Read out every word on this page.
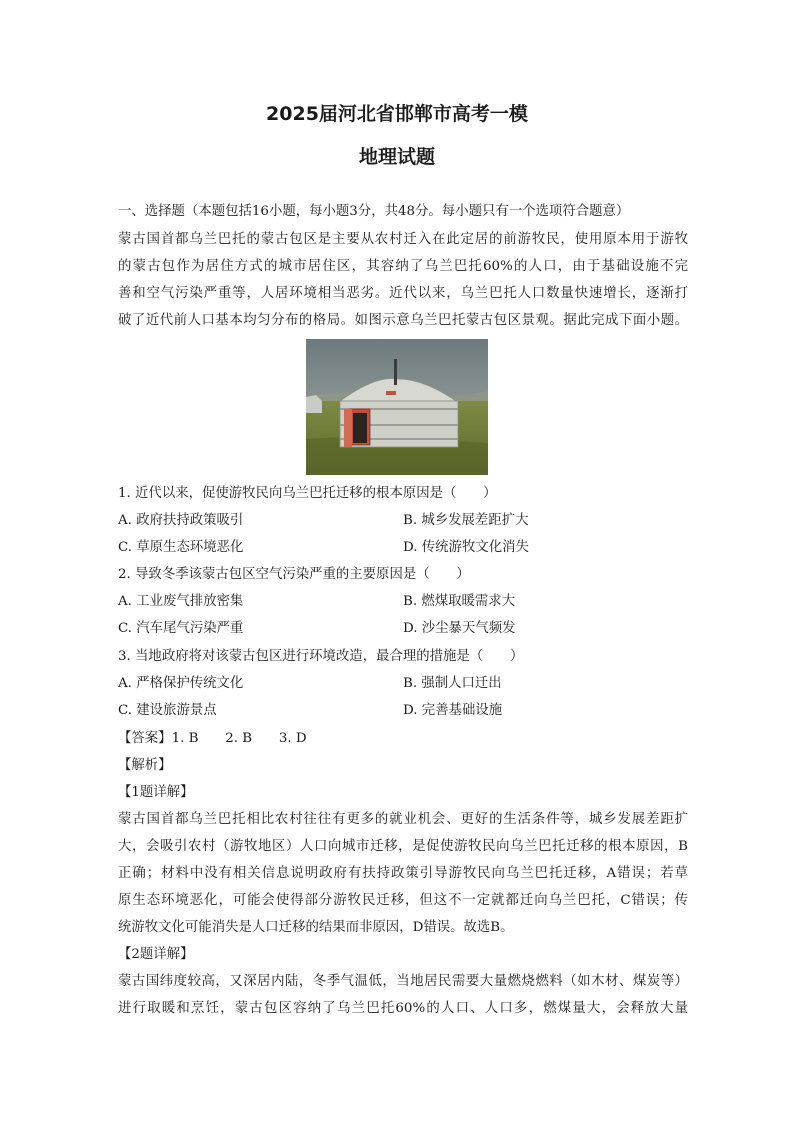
2025届河北省邯郸市高考一模
地理试题
一、选择题（本题包括16小题，每小题3分，共48分。每小题只有一个选项符合题意）
蒙古国首都乌兰巴托的蒙古包区是主要从农村迁入在此定居的前游牧民，使用原本用于游牧
的蒙古包作为居住方式的城市居住区，其容纳了乌兰巴托60%的人口，由于基础设施不完
善和空气污染严重等，人居环境相当恶劣。近代以来，乌兰巴托人口数量快速增长，逐渐打
破了近代前人口基本均匀分布的格局。如图示意乌兰巴托蒙古包区景观。据此完成下面小题。
1. 近代以来，促使游牧民向乌兰巴托迁移的根本原因是（　　）
A. 政府扶持政策吸引	B. 城乡发展差距扩大
C. 草原生态环境恶化	D. 传统游牧文化消失
2. 导致冬季该蒙古包区空气污染严重的主要原因是（　　）
A. 工业废气排放密集	B. 燃煤取暖需求大
C. 汽车尾气污染严重	D. 沙尘暴天气频发
3. 当地政府将对该蒙古包区进行环境改造，最合理的措施是（　　）
A. 严格保护传统文化	B. 强制人口迁出
C. 建设旅游景点	D. 完善基础设施
【答案】1. B　　2. B　　3. D
【解析】
【1题详解】
蒙古国首都乌兰巴托相比农村往往有更多的就业机会、更好的生活条件等，城乡发展差距扩
大，会吸引农村（游牧地区）人口向城市迁移，是促使游牧民向乌兰巴托迁移的根本原因，B
正确；材料中没有相关信息说明政府有扶持政策引导游牧民向乌兰巴托迁移，A错误；若草
原生态环境恶化，可能会使得部分游牧民迁移，但这不一定就都迁向乌兰巴托，C错误；传
统游牧文化可能消失是人口迁移的结果而非原因，D错误。故选B。
【2题详解】
蒙古国纬度较高，又深居内陆，冬季气温低，当地居民需要大量燃烧燃料（如木材、煤炭等）
进行取暖和烹饪，蒙古包区容纳了乌兰巴托60%的人口、人口多，燃煤量大，会释放大量
